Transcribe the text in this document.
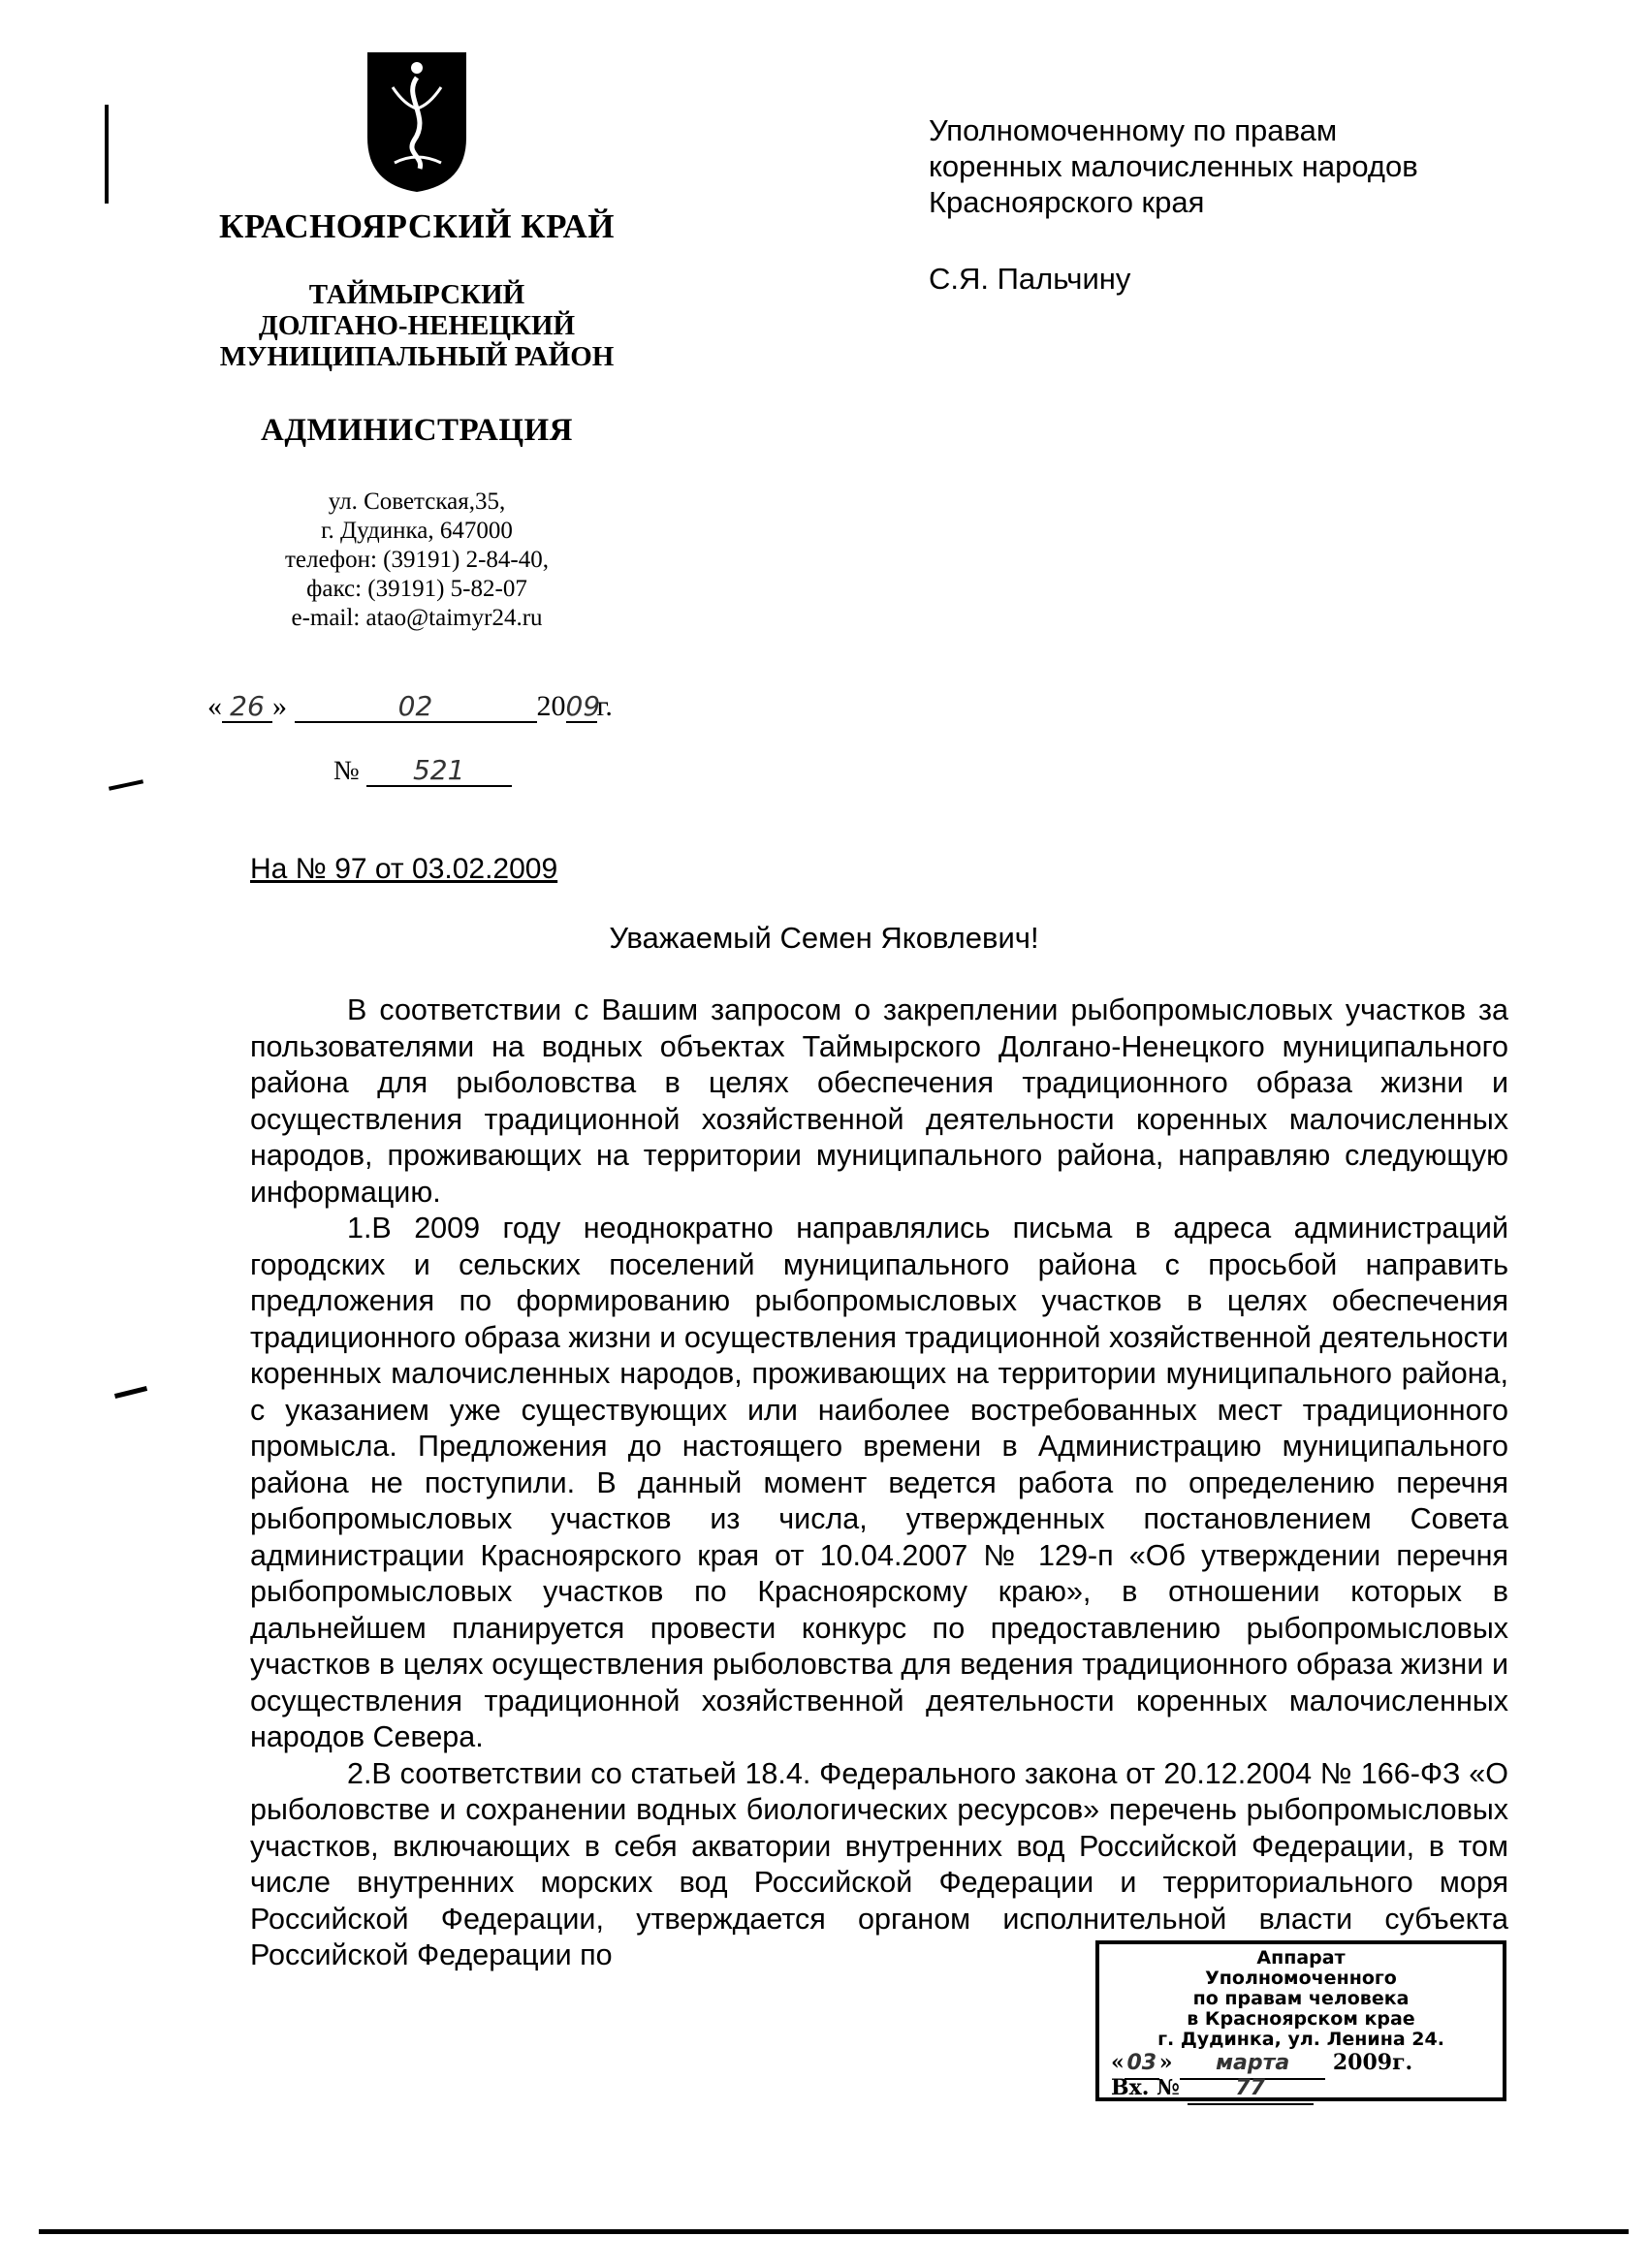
КРАСНОЯРСКИЙ КРАЙ
ТАЙМЫРСКИЙ
ДОЛГАНО-НЕНЕЦКИЙ
МУНИЦИПАЛЬНЫЙ РАЙОН
АДМИНИСТРАЦИЯ
ул. Советская,35,
г. Дудинка, 647000
телефон: (39191) 2-84-40,
факс: (39191) 5-82-07
e-mail: atao@taimyr24.ru
« 26 »	02	2009г.
№ 521
Уполномоченному по правам
коренных малочисленных народов
Красноярского края
С.Я. Пальчину
На № 97 от 03.02.2009
Уважаемый Семен Яковлевич!

В соответствии с Вашим запросом о закреплении рыбопромысловых участков за пользователями на водных объектах Таймырского Долгано-Ненецкого муниципального района для рыболовства в целях обеспечения традиционного образа жизни и осуществления традиционной хозяйственной деятельности коренных малочисленных народов, проживающих на территории муниципального района, направляю следующую информацию.

1.В 2009 году неоднократно направлялись письма в адреса администраций городских и сельских поселений муниципального района с просьбой направить предложения по формированию рыбопромысловых участков в целях обеспечения традиционного образа жизни и осуществления традиционной хозяйственной деятельности коренных малочисленных народов, проживающих на территории муниципального района, с указанием уже существующих или наиболее востребованных мест традиционного промысла. Предложения до настоящего времени в Администрацию муниципального района не поступили. В данный момент ведется работа по определению перечня рыбопромысловых участков из числа, утвержденных постановлением Совета администрации Красноярского края от 10.04.2007 № 129-п «Об утверждении перечня рыбопромысловых участков по Красноярскому краю», в отношении которых в дальнейшем планируется провести конкурс по предоставлению рыбопромысловых участков в целях осуществления рыболовства для ведения традиционного образа жизни и осуществления традиционной хозяйственной деятельности коренных малочисленных народов Севера.

2.В соответствии со статьей 18.4. Федерального закона от 20.12.2004 № 166-ФЗ «О рыболовстве и сохранении водных биологических ресурсов» перечень рыбопромысловых участков, включающих в себя акватории внутренних вод Российской Федерации, в том числе внутренних морских вод Российской Федерации и территориального моря Российской Федерации, утверждается органом исполнительной власти субъекта Российской Федерации по	Аппарат
Уполномоченного
по правам человека
в Красноярском крае
г. Дудинка, ул. Ленина 24.
« 03 » марта 2009г.
Вх. №	77
